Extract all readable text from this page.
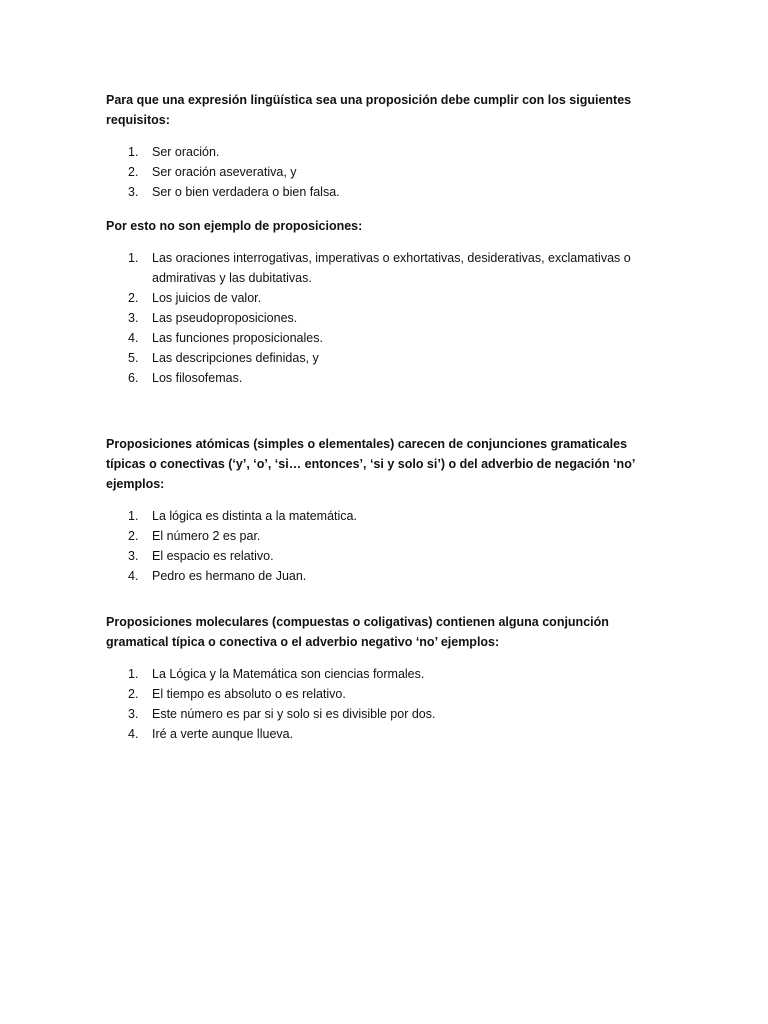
Para que una expresión lingüística sea una proposición debe cumplir con los siguientes requisitos:

1.	Ser oración.
2.	Ser oración aseverativa, y
3.	Ser o bien verdadera o bien falsa.

Por esto no son ejemplo de proposiciones:

1.	Las oraciones interrogativas, imperativas o exhortativas, desiderativas, exclamativas o admirativas y las dubitativas.
2.	Los juicios de valor.
3.	Las pseudoproposiciones.
4.	Las funciones proposicionales.
5.	Las descripciones definidas, y
6.	Los filosofemas.

Proposiciones atómicas (simples o elementales) carecen de conjunciones gramaticales típicas o conectivas (‘y’, ‘o’, ‘si… entonces’, ‘si y solo si’) o del adverbio de negación ‘no’ ejemplos:

1.	La lógica es distinta a la matemática.
2.	El número 2 es par.
3.	El espacio es relativo.
4.	Pedro es hermano de Juan.

Proposiciones moleculares (compuestas o coligativas) contienen alguna conjunción gramatical típica o conectiva o el adverbio negativo ‘no’ ejemplos:

1.	La Lógica y la Matemática son ciencias formales.
2.	El tiempo es absoluto o es relativo.
3.	Este número es par si y solo si es divisible por dos.
4.	Iré a verte aunque llueva.
